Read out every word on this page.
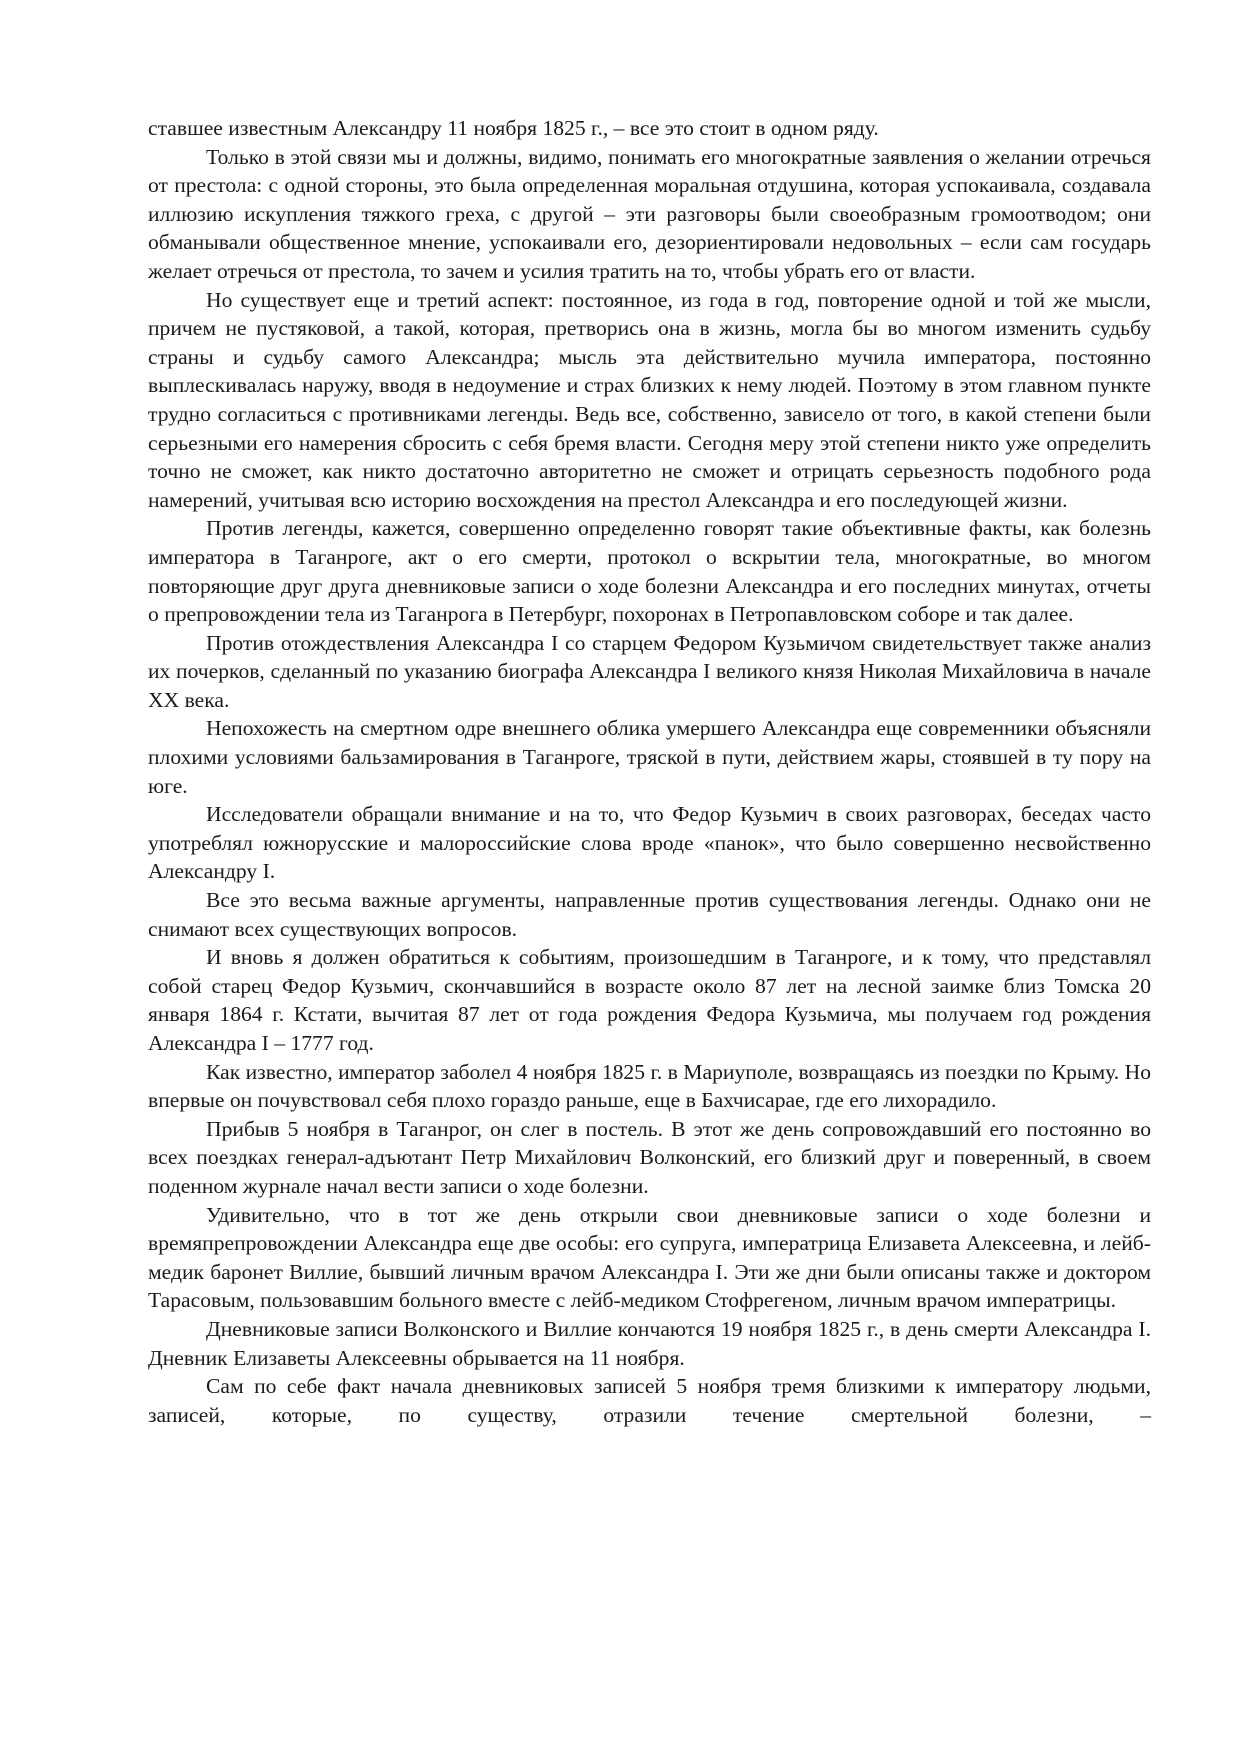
ставшее известным Александру 11 ноября 1825 г., – все это стоит в одном ряду.

Только в этой связи мы и должны, видимо, понимать его многократные заявления о желании отречься от престола: с одной стороны, это была определенная моральная отдушина, которая успокаивала, создавала иллюзию искупления тяжкого греха, с другой – эти разговоры были своеобразным громоотводом; они обманывали общественное мнение, успокаивали его, дезориентировали недовольных – если сам государь желает отречься от престола, то зачем и усилия тратить на то, чтобы убрать его от власти.

Но существует еще и третий аспект: постоянное, из года в год, повторение одной и той же мысли, причем не пустяковой, а такой, которая, претворись она в жизнь, могла бы во многом изменить судьбу страны и судьбу самого Александра; мысль эта действительно мучила императора, постоянно выплескивалась наружу, вводя в недоумение и страх близких к нему людей. Поэтому в этом главном пункте трудно согласиться с противниками легенды. Ведь все, собственно, зависело от того, в какой степени были серьезными его намерения сбросить с себя бремя власти. Сегодня меру этой степени никто уже определить точно не сможет, как никто достаточно авторитетно не сможет и отрицать серьезность подобного рода намерений, учитывая всю историю восхождения на престол Александра и его последующей жизни.

Против легенды, кажется, совершенно определенно говорят такие объективные факты, как болезнь императора в Таганроге, акт о его смерти, протокол о вскрытии тела, многократные, во многом повторяющие друг друга дневниковые записи о ходе болезни Александра и его последних минутах, отчеты о препровождении тела из Таганрога в Петербург, похоронах в Петропавловском соборе и так далее.

Против отождествления Александра I со старцем Федором Кузьмичом свидетельствует также анализ их почерков, сделанный по указанию биографа Александра I великого князя Николая Михайловича в начале XX века.

Непохожесть на смертном одре внешнего облика умершего Александра еще современники объясняли плохими условиями бальзамирования в Таганроге, тряской в пути, действием жары, стоявшей в ту пору на юге.

Исследователи обращали внимание и на то, что Федор Кузьмич в своих разговорах, беседах часто употреблял южнорусские и малороссийские слова вроде «панок», что было совершенно несвойственно Александру I.

Все это весьма важные аргументы, направленные против существования легенды. Однако они не снимают всех существующих вопросов.

И вновь я должен обратиться к событиям, произошедшим в Таганроге, и к тому, что представлял собой старец Федор Кузьмич, скончавшийся в возрасте около 87 лет на лесной заимке близ Томска 20 января 1864 г. Кстати, вычитая 87 лет от года рождения Федора Кузьмича, мы получаем год рождения Александра I – 1777 год.

Как известно, император заболел 4 ноября 1825 г. в Мариуполе, возвращаясь из поездки по Крыму. Но впервые он почувствовал себя плохо гораздо раньше, еще в Бахчисарае, где его лихорадило.

Прибыв 5 ноября в Таганрог, он слег в постель. В этот же день сопровождавший его постоянно во всех поездках генерал-адъютант Петр Михайлович Волконский, его близкий друг и поверенный, в своем поденном журнале начал вести записи о ходе болезни.

Удивительно, что в тот же день открыли свои дневниковые записи о ходе болезни и времяпрепровождении Александра еще две особы: его супруга, императрица Елизавета Алексеевна, и лейб-медик баронет Виллие, бывший личным врачом Александра I. Эти же дни были описаны также и доктором Тарасовым, пользовавшим больного вместе с лейб-медиком Стофрегеном, личным врачом императрицы.

Дневниковые записи Волконского и Виллие кончаются 19 ноября 1825 г., в день смерти Александра I. Дневник Елизаветы Алексеевны обрывается на 11 ноября.

Сам по себе факт начала дневниковых записей 5 ноября тремя близкими к императору людьми, записей, которые, по существу, отразили течение смертельной болезни, –
